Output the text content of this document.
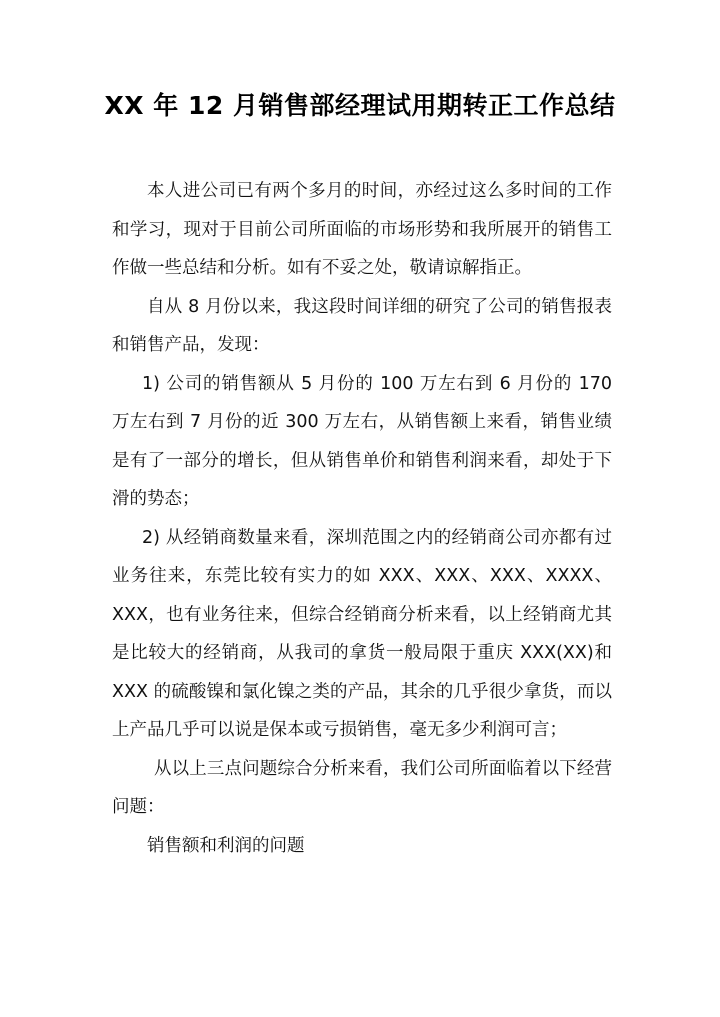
XX 年 12 月销售部经理试用期转正工作总结

本人进公司已有两个多月的时间，亦经过这么多时间的工作和学习，现对于目前公司所面临的市场形势和我所展开的销售工作做一些总结和分析。如有不妥之处，敬请谅解指正。

自从 8 月份以来，我这段时间详细的研究了公司的销售报表和销售产品，发现：

1) 公司的销售额从 5 月份的 100 万左右到 6 月份的 170 万左右到 7 月份的近 300 万左右，从销售额上来看，销售业绩是有了一部分的增长，但从销售单价和销售利润来看，却处于下滑的势态；

2) 从经销商数量来看，深圳范围之内的经销商公司亦都有过业务往来，东莞比较有实力的如 XXX、XXX、XXX、XXXX、XXX，也有业务往来，但综合经销商分析来看，以上经销商尤其是比较大的经销商，从我司的拿货一般局限于重庆 XXX(XX)和 XXX 的硫酸镍和氯化镍之类的产品，其余的几乎很少拿货，而以上产品几乎可以说是保本或亏损销售，毫无多少利润可言；

从以上三点问题综合分析来看，我们公司所面临着以下经营问题：

销售额和利润的问题
